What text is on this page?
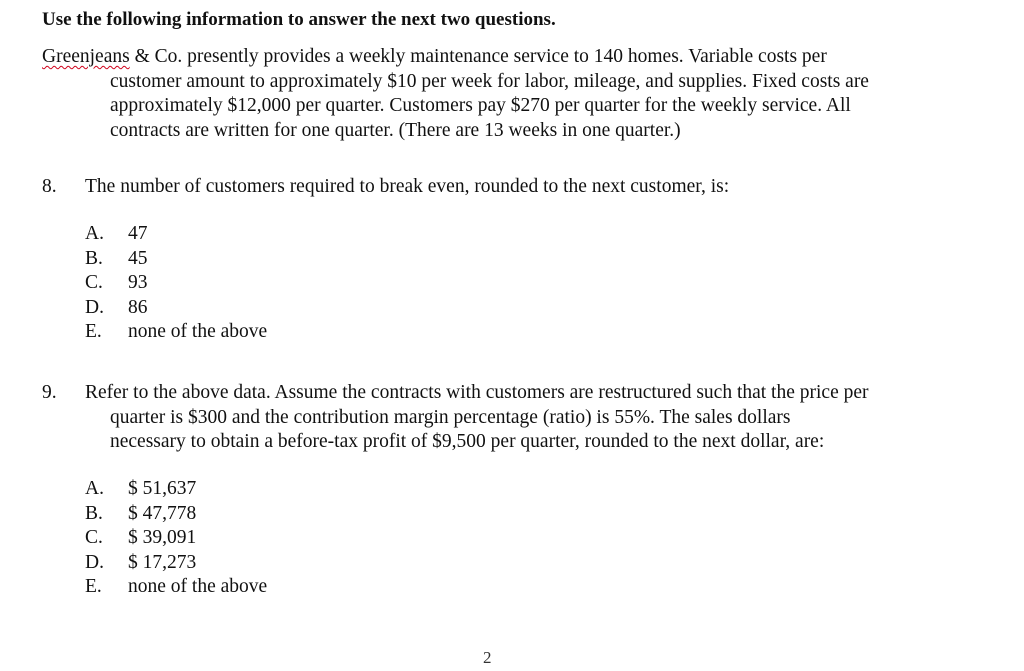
Use the following information to answer the next two questions.
Greenjeans & Co. presently provides a weekly maintenance service to 140 homes. Variable costs per
customer amount to approximately $10 per week for labor, mileage, and supplies. Fixed costs are
approximately $12,000 per quarter. Customers pay $270 per quarter for the weekly service. All
contracts are written for one quarter. (There are 13 weeks in one quarter.)
8. The number of customers required to break even, rounded to the next customer, is:
A.	47
B.	45
C.	93
D.	86
E.	none of the above
9. Refer to the above data. Assume the contracts with customers are restructured such that the price per
quarter is $300 and the contribution margin percentage (ratio) is 55%. The sales dollars
necessary to obtain a before-tax profit of $9,500 per quarter, rounded to the next dollar, are:
A.	$ 51,637
B.	$ 47,778
C.	$ 39,091
D.	$ 17,273
E.	none of the above
2
